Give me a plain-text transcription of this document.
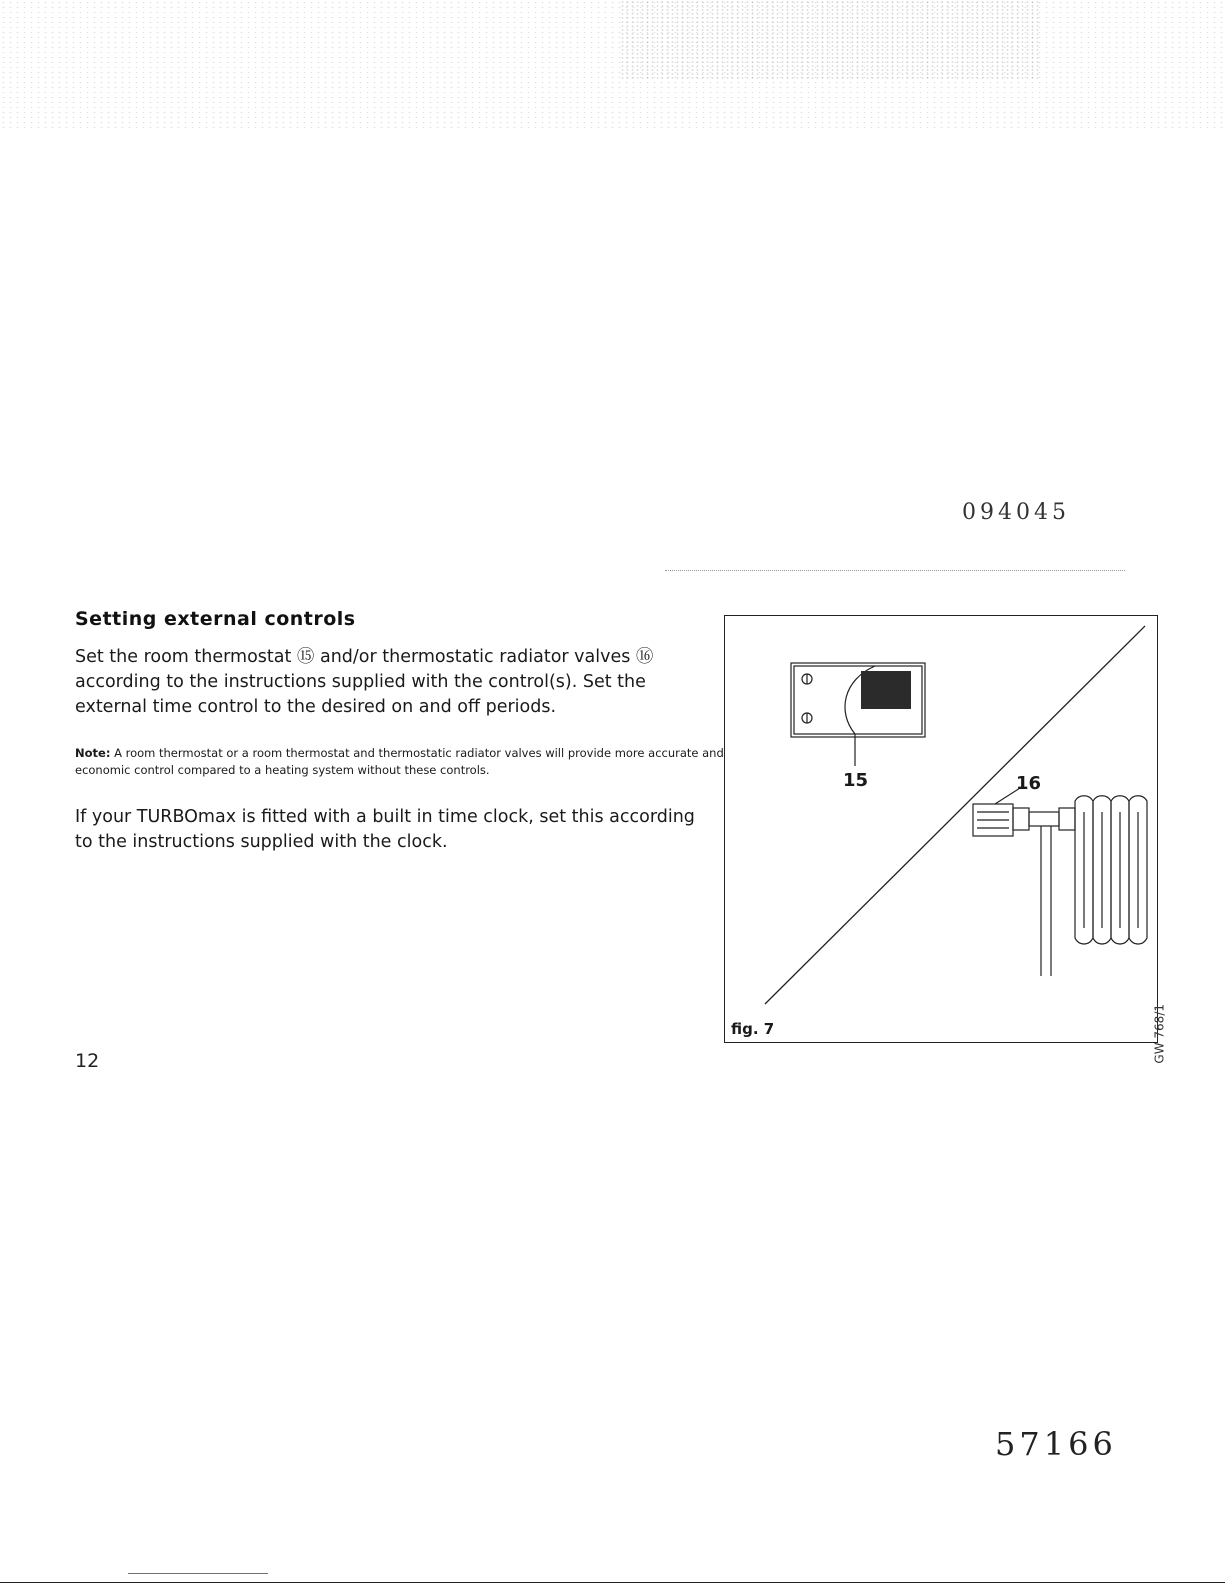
094045
Setting external controls

Set the room thermostat ⑮ and/or thermostatic radiator valves ⑯ according to the instructions supplied with the control(s). Set the external time control to the desired on and off periods.

Note: A room thermostat or a room thermostat and thermostatic radiator valves will provide more accurate and economic control compared to a heating system without these controls.

If your TURBOmax is fitted with a built in time clock, set this according to the instructions supplied with the clock.

12
15	16
fig. 7	GW 768/1
57166
